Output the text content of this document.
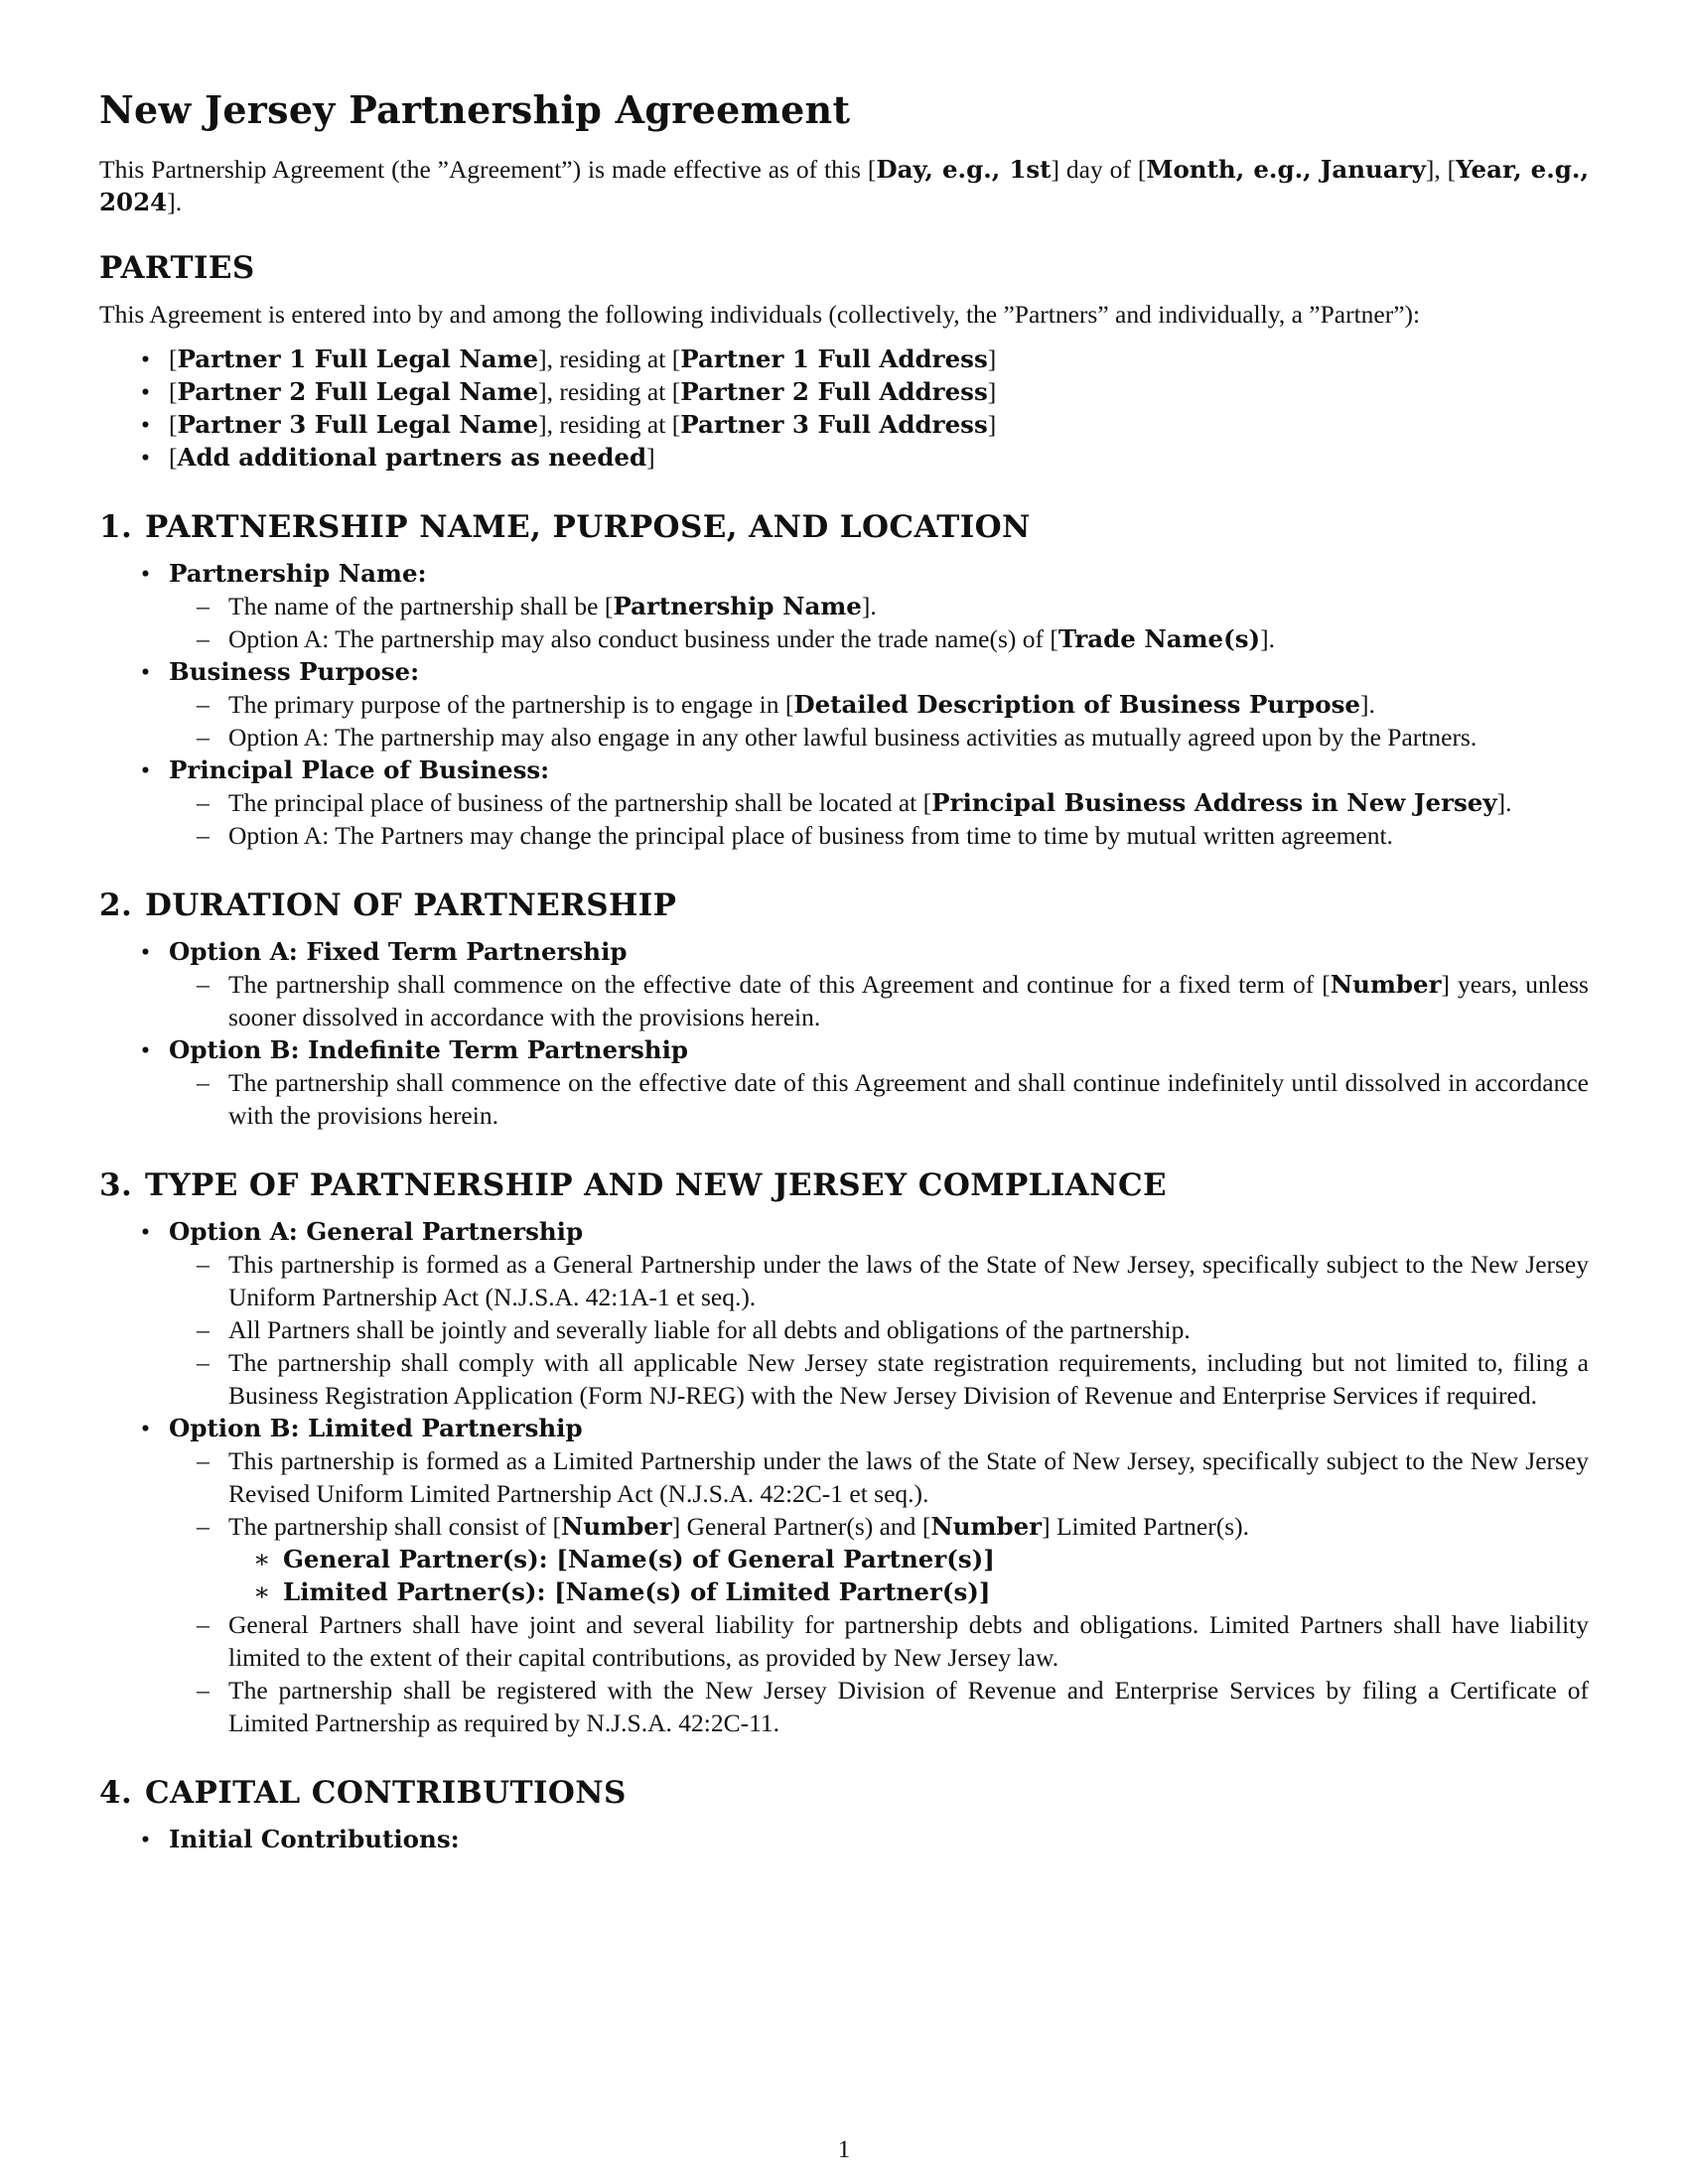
New Jersey Partnership Agreement

This Partnership Agreement (the ”Agreement”) is made effective as of this [Day, e.g., 1st] day of [Month, e.g., January], [Year, e.g., 2024].

PARTIES

This Agreement is entered into by and among the following individuals (collectively, the ”Partners” and individually, a ”Partner”):

• [Partner 1 Full Legal Name], residing at [Partner 1 Full Address]
• [Partner 2 Full Legal Name], residing at [Partner 2 Full Address]
• [Partner 3 Full Legal Name], residing at [Partner 3 Full Address]
• [Add additional partners as needed]
1. PARTNERSHIP NAME, PURPOSE, AND LOCATION
• Partnership Name:
– The name of the partnership shall be [Partnership Name].
– Option A: The partnership may also conduct business under the trade name(s) of [Trade Name(s)].
• Business Purpose:
– The primary purpose of the partnership is to engage in [Detailed Description of Business Purpose].
– Option A: The partnership may also engage in any other lawful business activities as mutually agreed upon by the Partners.
• Principal Place of Business:
– The principal place of business of the partnership shall be located at [Principal Business Address in New Jersey].
– Option A: The Partners may change the principal place of business from time to time by mutual written agreement.
2. DURATION OF PARTNERSHIP
• Option A: Fixed Term Partnership
– The partnership shall commence on the effective date of this Agreement and continue for a fixed term of [Number] years, unless sooner dissolved in accordance with the provisions herein.
• Option B: Indefinite Term Partnership
– The partnership shall commence on the effective date of this Agreement and shall continue indefinitely until dissolved in accordance with the provisions herein.
3. TYPE OF PARTNERSHIP AND NEW JERSEY COMPLIANCE
• Option A: General Partnership
– This partnership is formed as a General Partnership under the laws of the State of New Jersey, specifically subject to the New Jersey Uniform Partnership Act (N.J.S.A. 42:1A-1 et seq.).
– All Partners shall be jointly and severally liable for all debts and obligations of the partnership.
– The partnership shall comply with all applicable New Jersey state registration requirements, including but not limited to, filing a Business Registration Application (Form NJ-REG) with the New Jersey Division of Revenue and Enterprise Services if required.
• Option B: Limited Partnership
– This partnership is formed as a Limited Partnership under the laws of the State of New Jersey, specifically subject to the New Jersey Revised Uniform Limited Partnership Act (N.J.S.A. 42:2C-1 et seq.).
– The partnership shall consist of [Number] General Partner(s) and [Number] Limited Partner(s).
∗ General Partner(s): [Name(s) of General Partner(s)]
∗ Limited Partner(s): [Name(s) of Limited Partner(s)]
– General Partners shall have joint and several liability for partnership debts and obligations. Limited Partners shall have liability limited to the extent of their capital contributions, as provided by New Jersey law.
– The partnership shall be registered with the New Jersey Division of Revenue and Enterprise Services by filing a Certificate of Limited Partnership as required by N.J.S.A. 42:2C-11.
4. CAPITAL CONTRIBUTIONS
• Initial Contributions:
1
